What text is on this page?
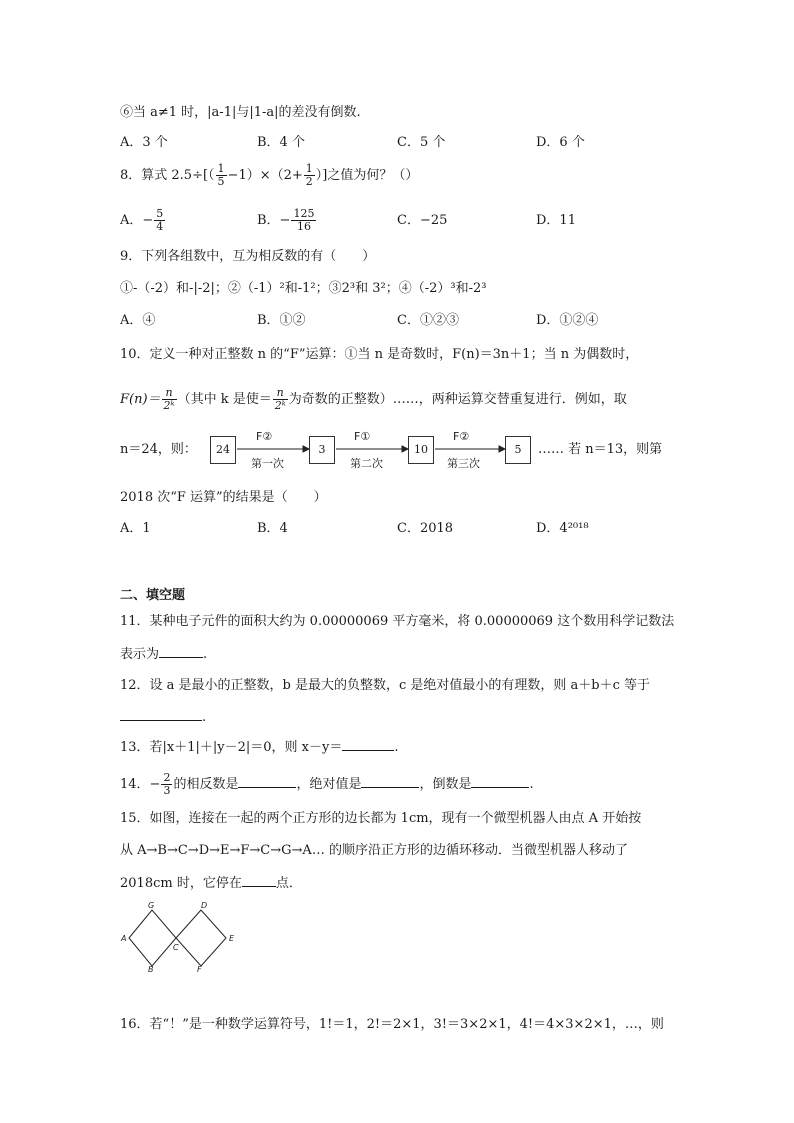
⑥当 a≠1 时，|a-1|与|1-a|的差没有倒数.
A．3 个	B．4 个	C．5 个	D．6 个
8．算式 $2.5\div[( \frac{1}{5} -1)\times(2+ \frac{1}{2}$ ）]之值为何？（）
A．− $\frac{5}{4}$	B．− $\frac{125}{16}$	C．−25	D．11
9．下列各组数中，互为相反数的有（　　）
①-（-2）和-|-2|；②（-1）²和-1²；③2³和 3²；④（-2）³和-2³
A．④	B．①②	C．①②③	D．①②④
10．定义一种对正整数 n 的“F”运算：①当 n 是奇数时，F(n)＝3n＋1；当 n 为偶数时，
$F(n)= \frac{n}{\text{2ᵏ}}$ （其中 k 是使＝ $\frac{n}{\text{2ᵏ}}$ 为奇数的正整数）……，两种运算交替重复进行．例如，取
n＝24，则：	24	3	10	5
F②	F①	F②
第一次	第二次	第三次
…… 若 n＝13，则第
2018 次“F 运算”的结果是（　　）
A．1	B．4	C．2018	D．4²⁰¹⁸
二、填空题
11．某种电子元件的面积大约为 0.00000069 平方毫米，将 0.00000069 这个数用科学记数法
表示为	.
12．设 a 是最小的正整数，b 是最大的负整数，c 是绝对值最小的有理数，则 a＋b＋c 等于
.
13．若|x＋1|＋|y－2|＝0，则 x－y＝	.
14．− $\frac{2}{3}$ 的相反数是	，绝对值是	，倒数是	.
15．如图，连接在一起的两个正方形的边长都为 1cm，现有一个微型机器人由点 A 开始按
从 A→B→C→D→E→F→C→G→A… 的顺序沿正方形的边循环移动．当微型机器人移动了
2018cm 时，它停在	点．
G	D
A
C
E
B	F
16．若“！”是一种数学运算符号，1!＝1，2!＝2×1，3!＝3×2×1，4!＝4×3×2×1，…，则
